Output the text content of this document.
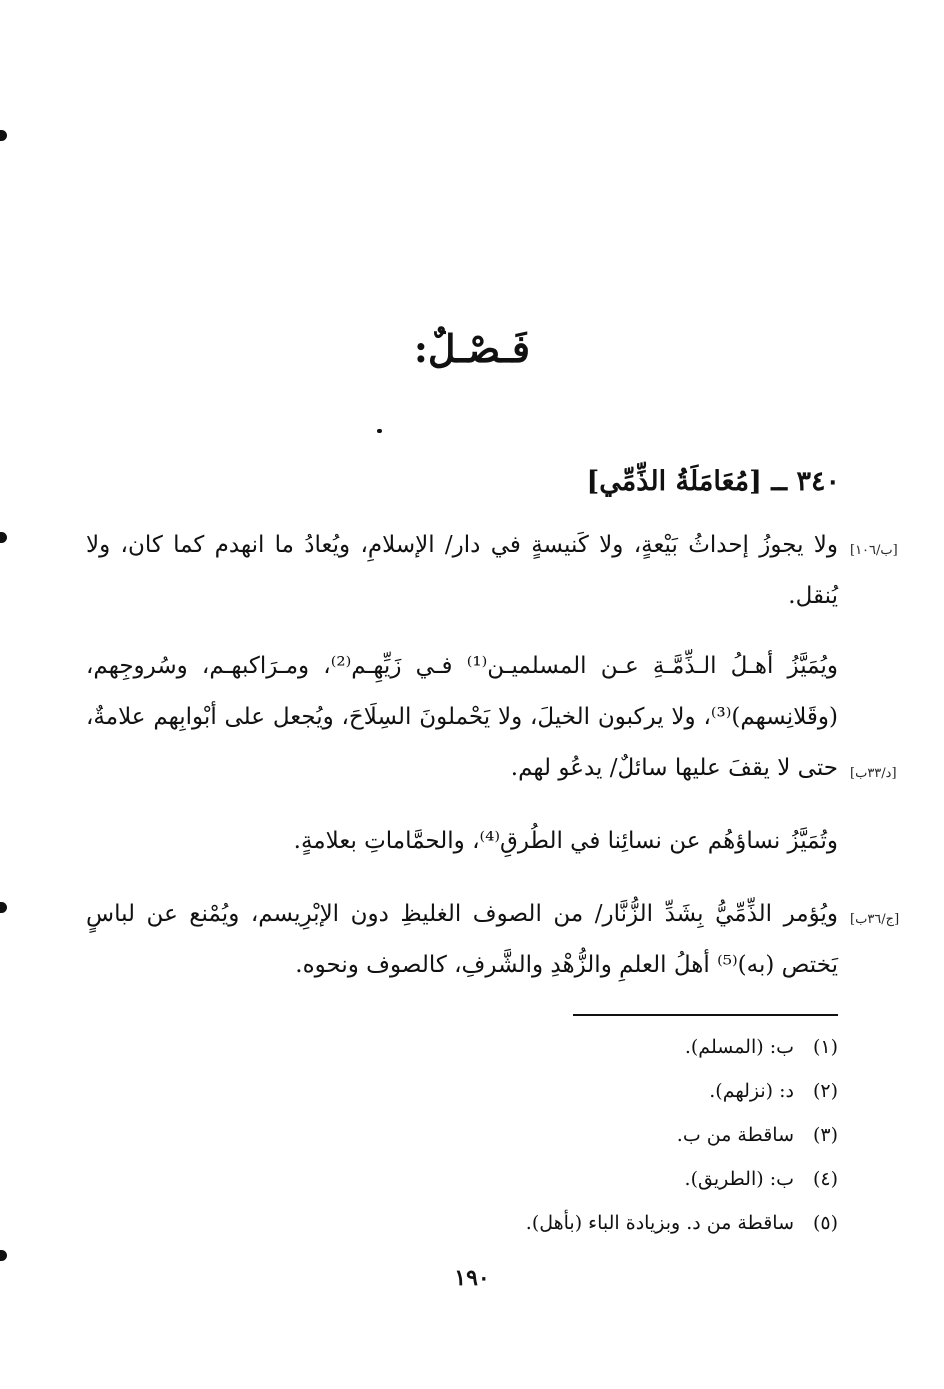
فَـصْـلٌ:
٣٤٠ ــ [مُعَامَلَةُ الذِّمِّي]
[ب/١٠٦]

ولا يجوزُ إحداثُ بَيْعةٍ، ولا كَنيسةٍ في دار/ الإسلامِ، ويُعادُ ما انهدم كما كان، ولا يُنقل.

[د/٣٣ب]

ويُمَيَّزُ أهـلُ الـذِّمَّـةِ عـن المسلميـن⁽¹⁾ فـي زَيِّهِـم⁽²⁾، ومـرَاكبهـم، وسُروجِهم، (وقَلانِسهم)⁽³⁾، ولا يركبون الخيلَ، ولا يَحْملونَ السِلَاحَ، ويُجعل على أبْوابِهم علامةٌ، حتى لا يقفَ عليها سائلٌ/ يدعُو لهم.

وتُمَيَّزُ نساؤهُم عن نسائِنا في الطُرقِ⁽⁴⁾، والحمَّاماتِ بعلامةٍ.

[ج/٣٦ب]

ويُؤمر الذِّمِّيُّ بِشَدِّ الزُّنَّار/ من الصوف الغليظِ دون الإبْرِيسم، ويُمْنع عن لباسٍ يَختص (به)⁽⁵⁾ أهلُ العلمِ والزُّهْدِ والشَّرفِ، كالصوف ونحوه.

(١)ب: (المسلم).
(٢)د: (نزلهم).
(٣)ساقطة من ب.
(٤)ب: (الطريق).
(٥)ساقطة من د. وبزيادة الباء (بأهل).
١٩٠
